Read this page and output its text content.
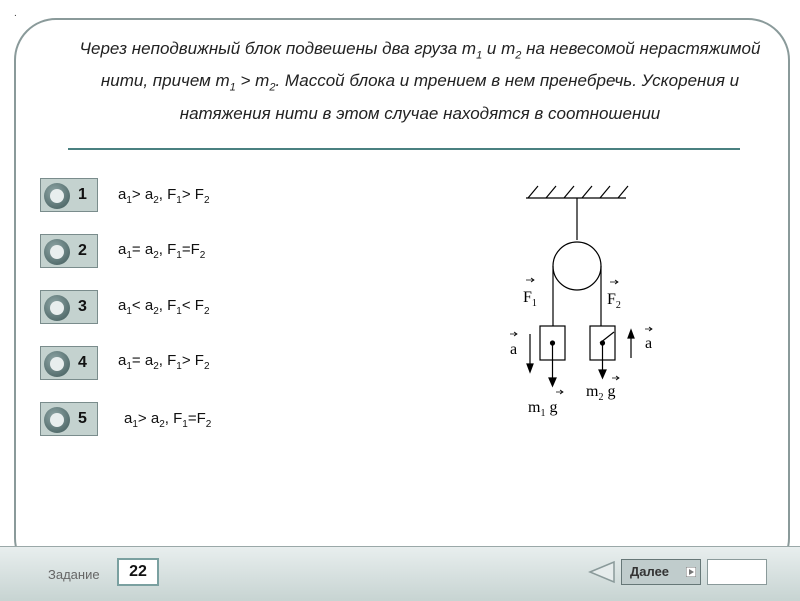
.
Через неподвижный блок подвешены два груза $m_1$ и $m_2$ на невесомой нерастяжимой нити, причем $m_1 > m_2$. Массой блока и трением в нем пренебречь. Ускорения и натяжения нити в этом случае находятся в соотношении
1 $a_1> a_2$, $F_1> F_2$
2 $a_1= a_2$, $F_1=F_2$
3 $a_1< a_2$, $F_1< F_2$
4 $a_1= a_2$, $F_1> F_2$
5 $a_1> a_2$, $F_1=F_2$
$F_1$	$F_2$
a	a
$m_1$ g
$m_2$ g
Задание	22	Далее
